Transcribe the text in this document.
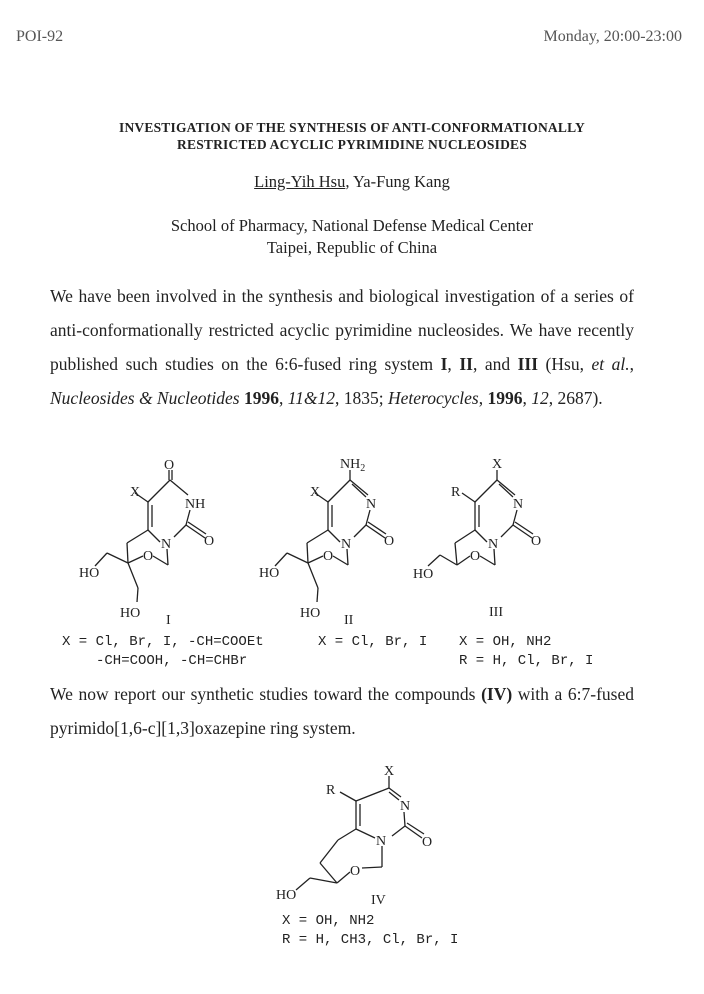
POI-92	Monday, 20:00-23:00
INVESTIGATION OF THE SYNTHESIS OF ANTI-CONFORMATIONALLY
RESTRICTED ACYCLIC PYRIMIDINE NUCLEOSIDES
Ling-Yih Hsu, Ya-Fung Kang
School of Pharmacy, National Defense Medical Center
Taipei, Republic of China
We have been involved in the synthesis and biological investigation of a series of anti-conformationally restricted acyclic pyrimidine nucleosides. We have recently published such studies on the 6:6-fused ring system I, II, and III (Hsu, et al., Nucleosides & Nucleotides 1996, 11&12, 1835; Heterocycles, 1996, 12, 2687).
We now report our synthetic studies toward the compounds (IV) with a 6:7-fused pyrimido[1,6-c][1,3]oxazepine ring system.
O
X
NH
N O
O
HO
HO I
X = Cl, Br, I, -CH=COOEt
-CH=COOH, -CH=CHBr
$NH_2$
X
N
N O
O
HO
HO II
X = Cl, Br, I
X
R
N
N O
O
HO
III
X = OH, NH2
R = H, Cl, Br, I
X
R
N
N	O
O
HO	IV
X = OH, NH2
R = H, CH3, Cl, Br, I
